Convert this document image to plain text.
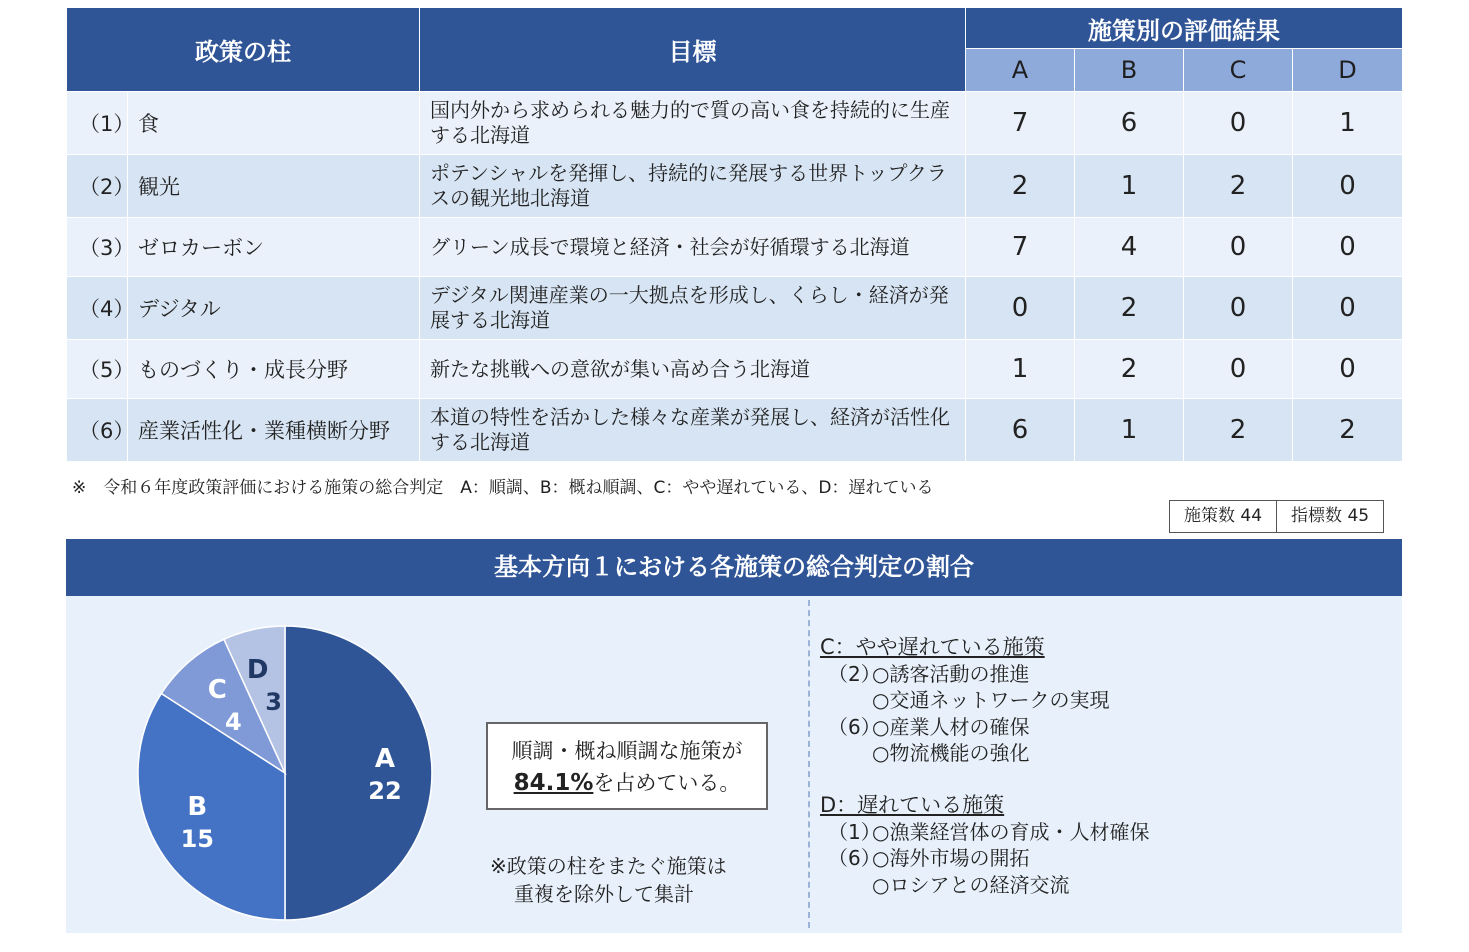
政策の柱		目標	施策別の評価結果			
			A	B	C	D
（1）	食	国内外から求められる魅力的で質の高い食を持続的に生産する北海道	7	6	0	1
（2）	観光	ポテンシャルを発揮し、持続的に発展する世界トップクラスの観光地北海道	2	1	2	0
（3）	ゼロカーボン	グリーン成長で環境と経済・社会が好循環する北海道	7	4	0	0
（4）	デジタル	デジタル関連産業の一大拠点を形成し、くらし・経済が発展する北海道	0	2	0	0
（5）	ものづくり・成長分野	新たな挑戦への意欲が集い高め合う北海道	1	2	0	0
（6）	産業活性化・業種横断分野	本道の特性を活かした様々な産業が発展し、経済が活性化する北海道	6	1	2	2
※　令和６年度政策評価における施策の総合判定　A：順調、B：概ね順調、C：やや遅れている、D：遅れている
施策数 44	指標数 45
基本方向１における各施策の総合判定の割合
A
22
B
15
C
4
D
3
順調・概ね順調な施策が
84.1%を占めている。
※政策の柱をまたぐ施策は
重複を除外して集計
C：やや遅れている施策
（2）
○誘客活動の推進
○交通ネットワークの実現
（6）
○産業人材の確保
○物流機能の強化
D：遅れている施策
（1）
○漁業経営体の育成・人材確保
（6）
○海外市場の開拓
○ロシアとの経済交流
